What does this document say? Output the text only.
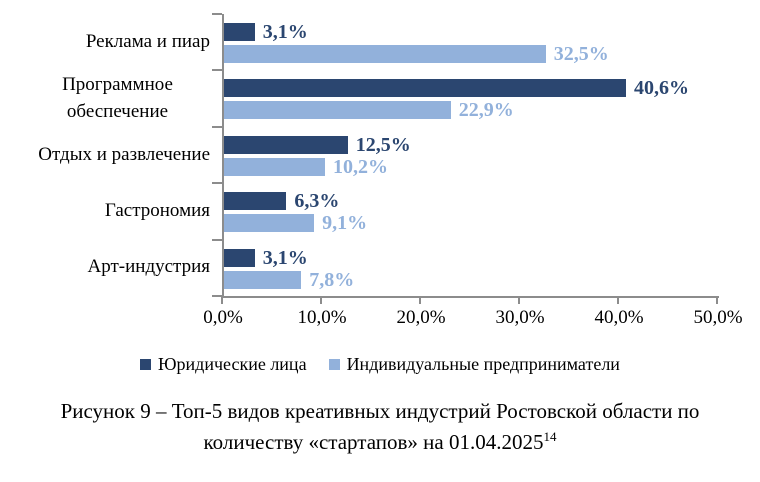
3,1%
32,5%
40,6%
22,9%
12,5%
10,2%
6,3%
9,1%
3,1%
7,8%
Реклама и пиар
Программное обеспечение
Отдых и развлечение
Гастрономия
Арт-индустрия
0,0%	10,0%	20,0%	30,0%	40,0%	50,0%
Юридические лица Индивидуальные предприниматели
Рисунок 9 – Топ-5 видов креативных индустрий Ростовской области по
количеству «стартапов» на 01.04.2025$^{14}$
